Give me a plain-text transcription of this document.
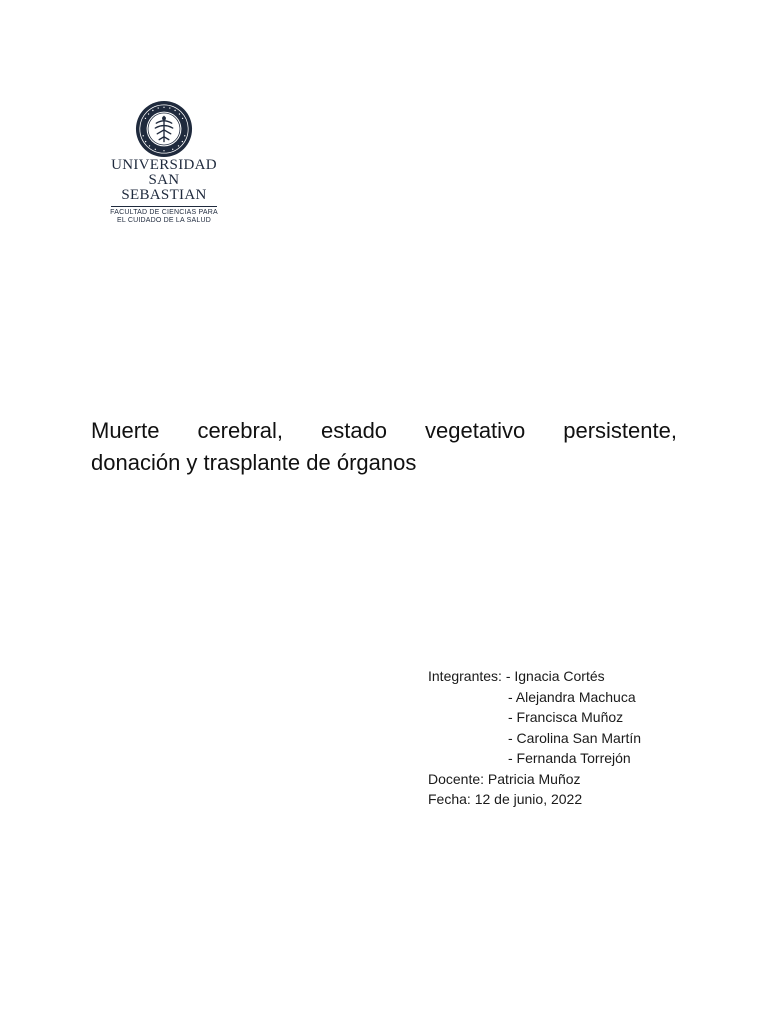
UNIVERSIDAD
SAN SEBASTIAN
FACULTAD DE CIENCIAS PARA
EL CUIDADO DE LA SALUD
Muerte cerebral, estado vegetativo persistente,
donación y trasplante de órganos
Integrantes: - Ignacia Cortés
- Alejandra Machuca
- Francisca Muñoz
- Carolina San Martín
- Fernanda Torrejón
Docente: Patricia Muñoz
Fecha: 12 de junio, 2022
